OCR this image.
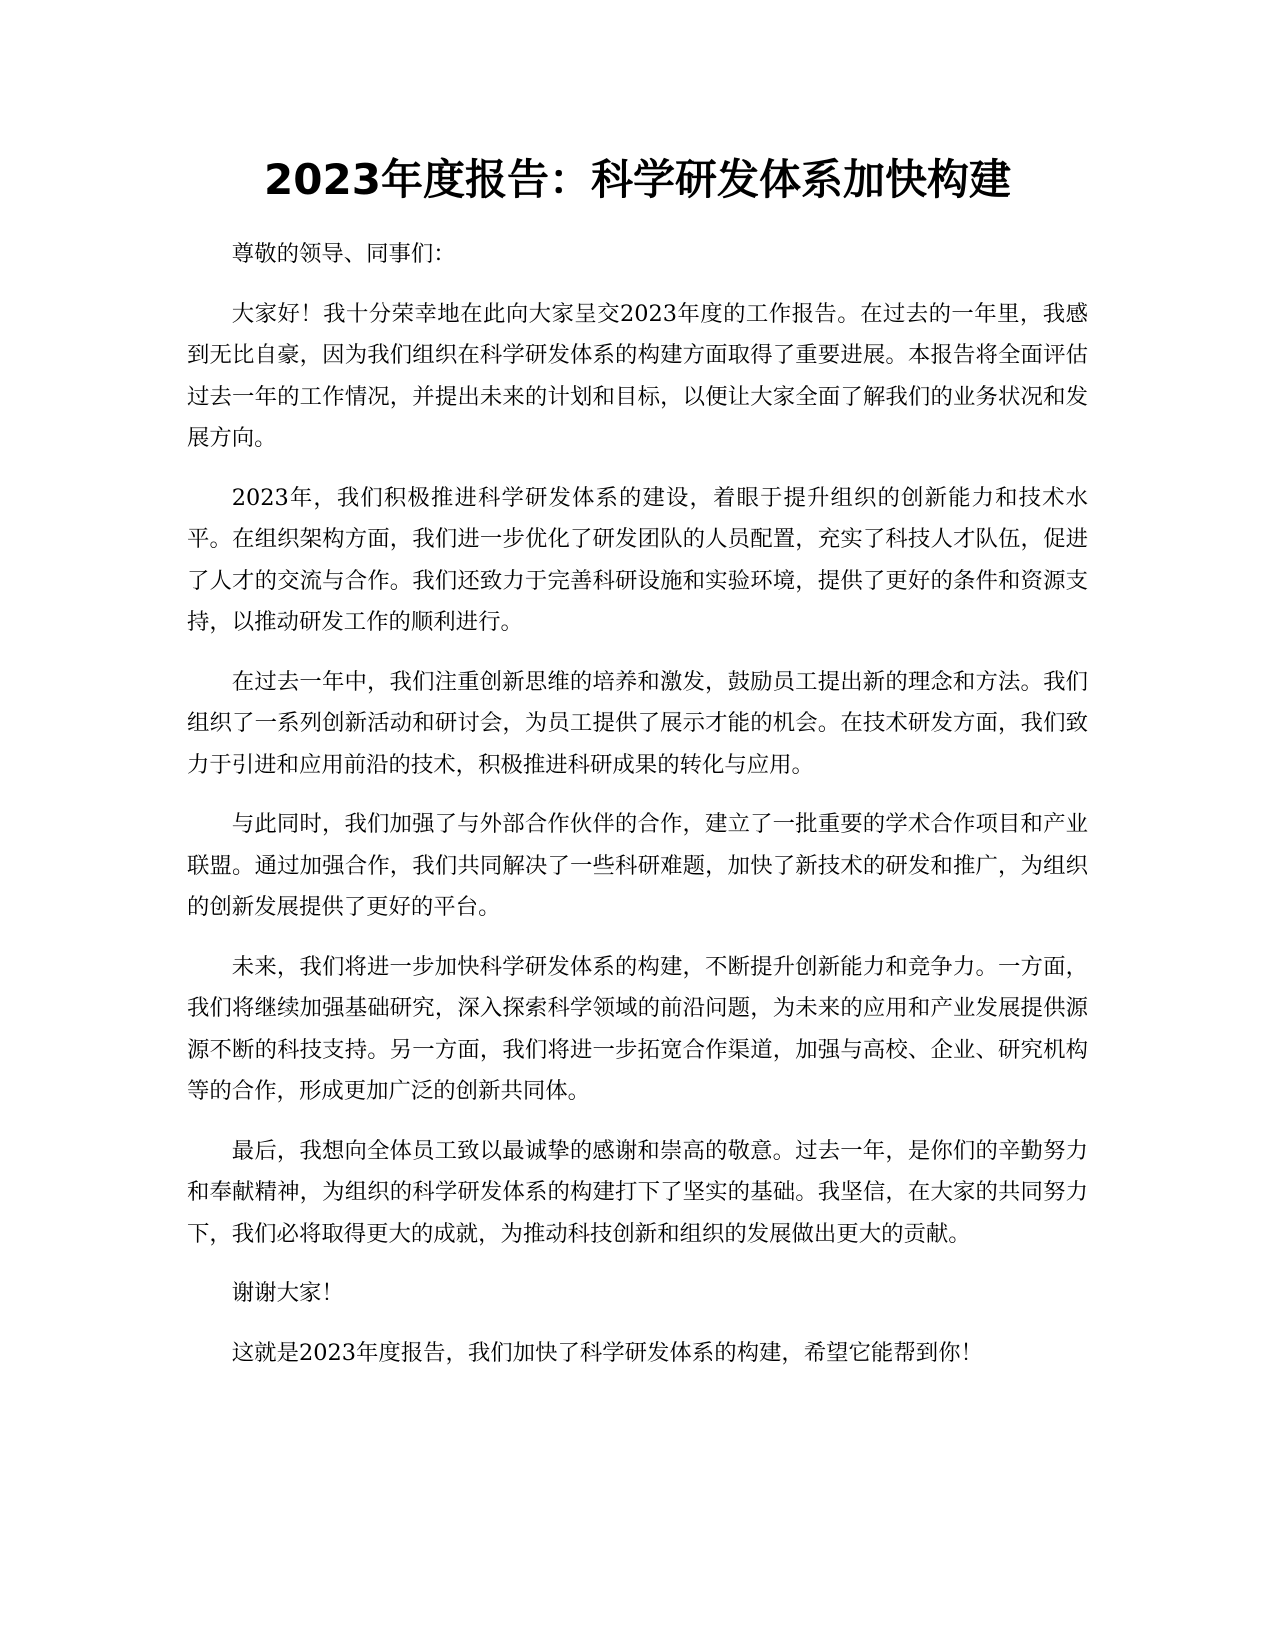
2023年度报告：科学研发体系加快构建

尊敬的领导、同事们：

大家好！我十分荣幸地在此向大家呈交2023年度的工作报告。在过去的一年里，我感到无比自豪，因为我们组织在科学研发体系的构建方面取得了重要进展。本报告将全面评估过去一年的工作情况，并提出未来的计划和目标，以便让大家全面了解我们的业务状况和发展方向。

2023年，我们积极推进科学研发体系的建设，着眼于提升组织的创新能力和技术水平。在组织架构方面，我们进一步优化了研发团队的人员配置，充实了科技人才队伍，促进了人才的交流与合作。我们还致力于完善科研设施和实验环境，提供了更好的条件和资源支持，以推动研发工作的顺利进行。

在过去一年中，我们注重创新思维的培养和激发，鼓励员工提出新的理念和方法。我们组织了一系列创新活动和研讨会，为员工提供了展示才能的机会。在技术研发方面，我们致力于引进和应用前沿的技术，积极推进科研成果的转化与应用。

与此同时，我们加强了与外部合作伙伴的合作，建立了一批重要的学术合作项目和产业联盟。通过加强合作，我们共同解决了一些科研难题，加快了新技术的研发和推广，为组织的创新发展提供了更好的平台。

未来，我们将进一步加快科学研发体系的构建，不断提升创新能力和竞争力。一方面，我们将继续加强基础研究，深入探索科学领域的前沿问题，为未来的应用和产业发展提供源源不断的科技支持。另一方面，我们将进一步拓宽合作渠道，加强与高校、企业、研究机构等的合作，形成更加广泛的创新共同体。

最后，我想向全体员工致以最诚挚的感谢和崇高的敬意。过去一年，是你们的辛勤努力和奉献精神，为组织的科学研发体系的构建打下了坚实的基础。我坚信，在大家的共同努力下，我们必将取得更大的成就，为推动科技创新和组织的发展做出更大的贡献。

谢谢大家！

这就是2023年度报告，我们加快了科学研发体系的构建，希望它能帮到你！
